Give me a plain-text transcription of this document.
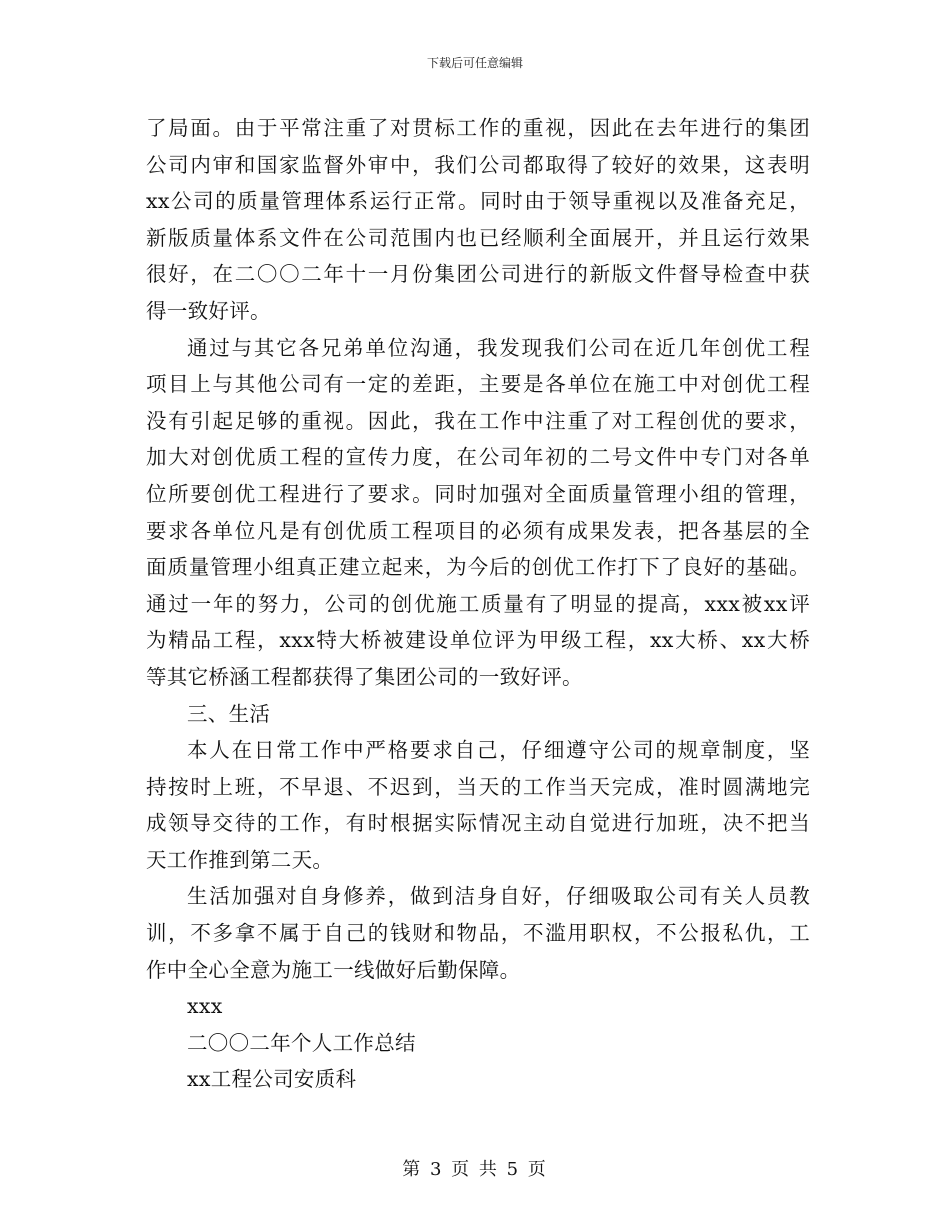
下载后可任意编辑
了局面。由于平常注重了对贯标工作的重视，因此在去年进行的集团
公司内审和国家监督外审中，我们公司都取得了较好的效果，这表明
xx公司的质量管理体系运行正常。同时由于领导重视以及准备充足，
新版质量体系文件在公司范围内也已经顺利全面展开，并且运行效果
很好，在二〇〇二年十一月份集团公司进行的新版文件督导检查中获
得一致好评。
通过与其它各兄弟单位沟通，我发现我们公司在近几年创优工程
项目上与其他公司有一定的差距，主要是各单位在施工中对创优工程
没有引起足够的重视。因此，我在工作中注重了对工程创优的要求，
加大对创优质工程的宣传力度，在公司年初的二号文件中专门对各单
位所要创优工程进行了要求。同时加强对全面质量管理小组的管理，
要求各单位凡是有创优质工程项目的必须有成果发表，把各基层的全
面质量管理小组真正建立起来，为今后的创优工作打下了良好的基础。
通过一年的努力，公司的创优施工质量有了明显的提高，xxx被xx评
为精品工程，xxx特大桥被建设单位评为甲级工程，xx大桥、xx大桥
等其它桥涵工程都获得了集团公司的一致好评。
三、生活
本人在日常工作中严格要求自己，仔细遵守公司的规章制度，坚
持按时上班，不早退、不迟到，当天的工作当天完成，准时圆满地完
成领导交待的工作，有时根据实际情况主动自觉进行加班，决不把当
天工作推到第二天。
生活加强对自身修养，做到洁身自好，仔细吸取公司有关人员教
训，不多拿不属于自己的钱财和物品，不滥用职权，不公报私仇，工
作中全心全意为施工一线做好后勤保障。
xxx
二〇〇二年个人工作总结
xx工程公司安质科
第 3 页 共 5 页
